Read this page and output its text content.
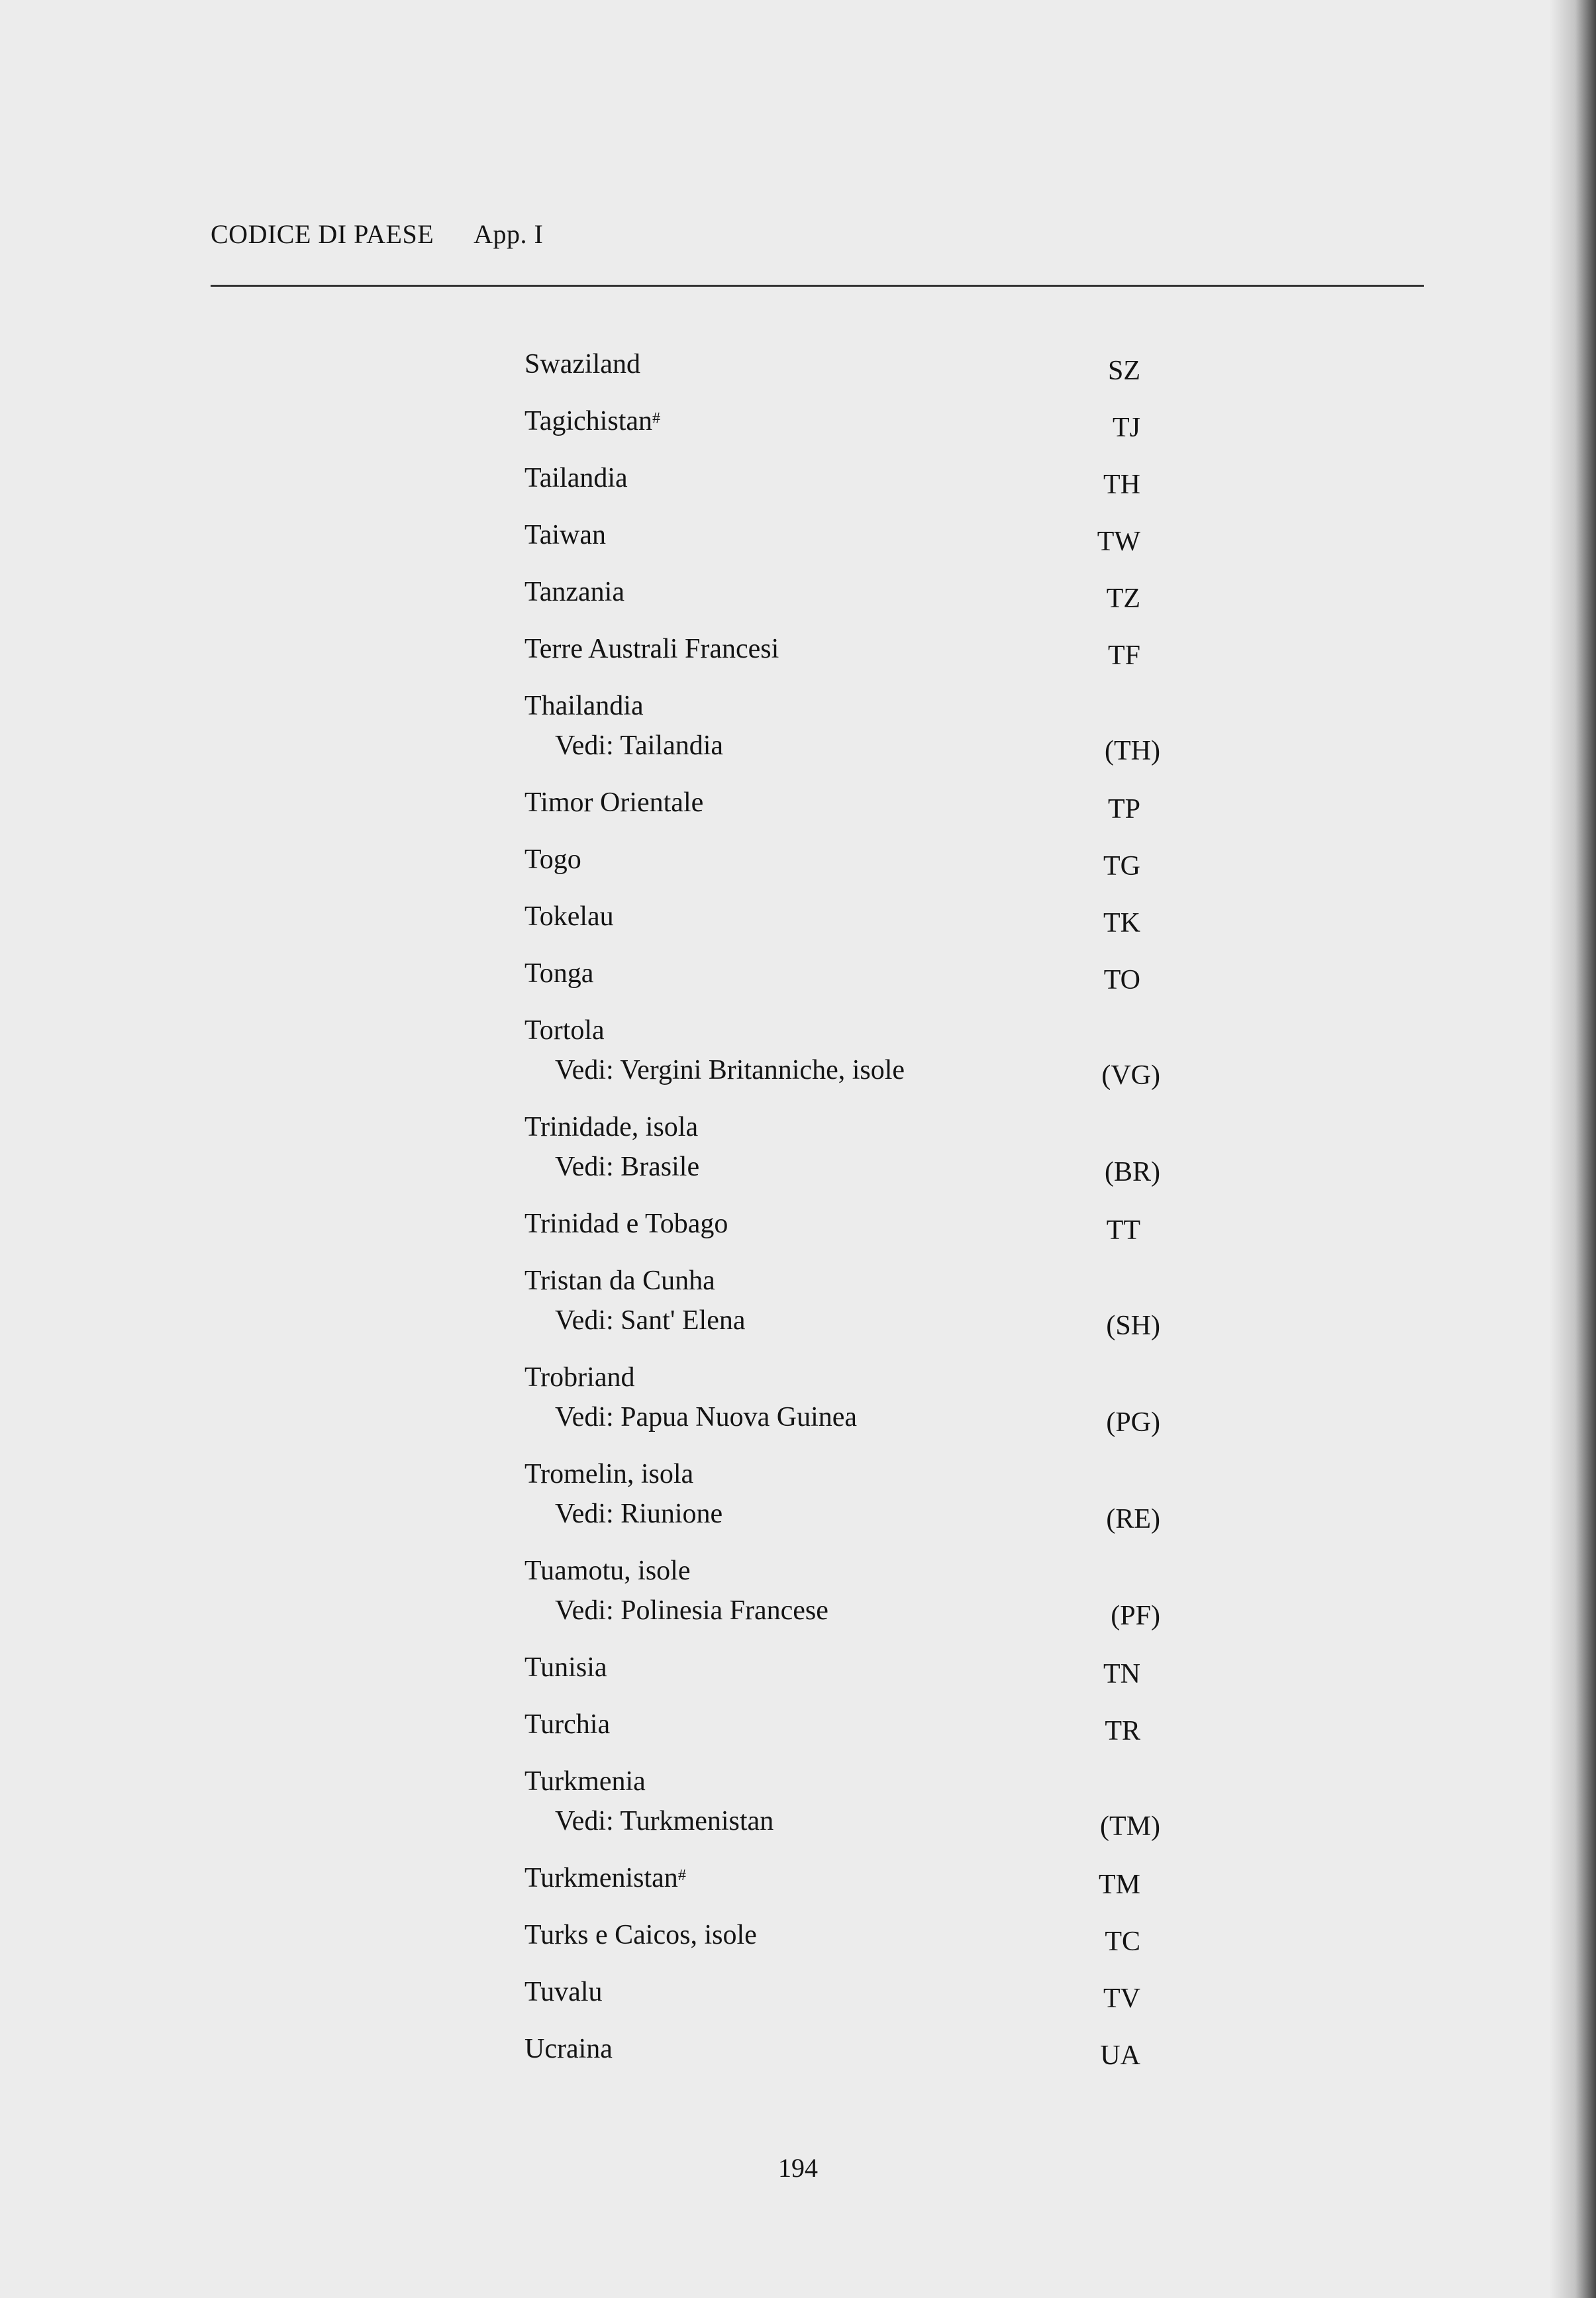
CODICE DI PAESE App. I
Swaziland	SZ
Tagichistan#	TJ
Tailandia	TH
Taiwan	TW
Tanzania	TZ
Terre Australi Francesi	TF
Thailandia
Vedi: Tailandia	(TH)
Timor Orientale	TP
Togo	TG
Tokelau	TK
Tonga	TO
Tortola
Vedi: Vergini Britanniche, isole	(VG)
Trinidade, isola
Vedi: Brasile	(BR)
Trinidad e Tobago	TT
Tristan da Cunha
Vedi: Sant' Elena	(SH)
Trobriand
Vedi: Papua Nuova Guinea	(PG)
Tromelin, isola
Vedi: Riunione	(RE)
Tuamotu, isole
Vedi: Polinesia Francese	(PF)
Tunisia	TN
Turchia	TR
Turkmenia
Vedi: Turkmenistan	(TM)
Turkmenistan#	TM
Turks e Caicos, isole	TC
Tuvalu	TV
Ucraina	UA
194
